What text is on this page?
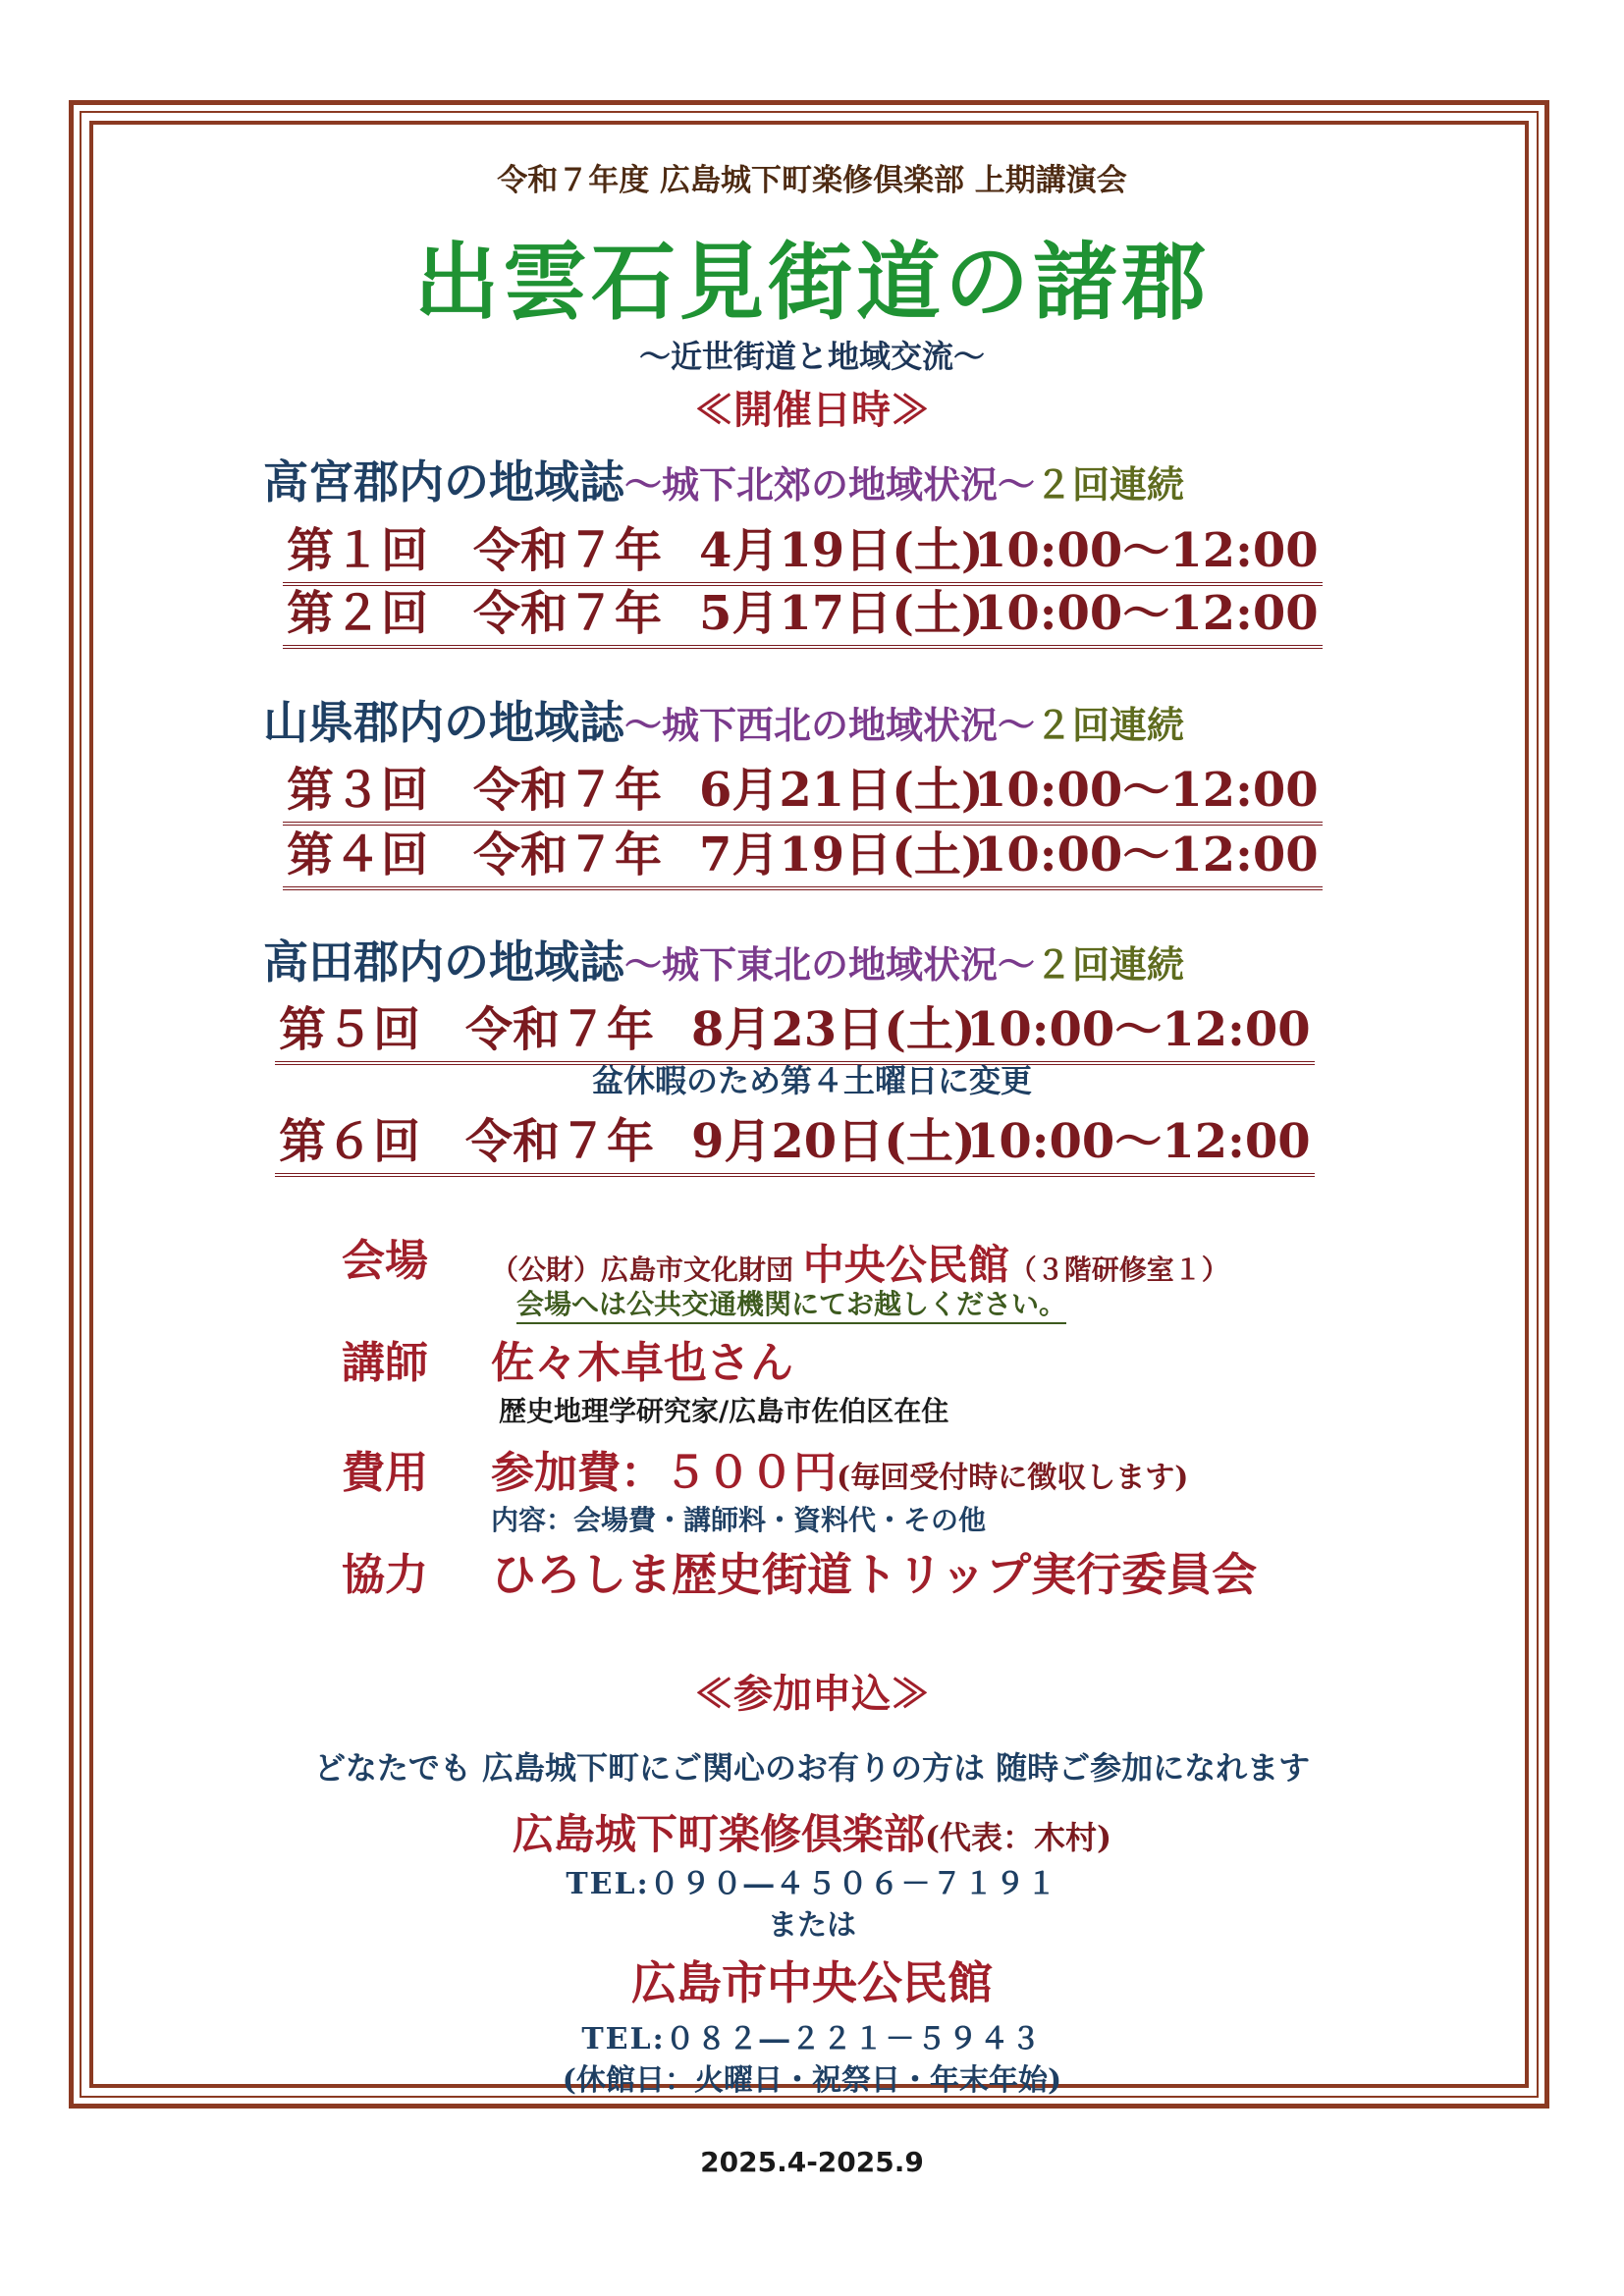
令和７年度 広島城下町楽修倶楽部 上期講演会
出雲石見街道の諸郡
～近世街道と地域交流～
≪開催日時≫
高宮郡内の地域誌～城下北郊の地域状況～２回連続
第１回 令和７年 4月19日(土)10:00～12:00
第２回 令和７年 5月17日(土)10:00～12:00
山県郡内の地域誌～城下西北の地域状況～２回連続
第３回 令和７年 6月21日(土)10:00～12:00
第４回 令和７年 7月19日(土)10:00～12:00
高田郡内の地域誌～城下東北の地域状況～２回連続
第５回 令和７年 8月23日(土)10:00～12:00
盆休暇のため第４土曜日に変更
第６回 令和７年 9月20日(土)10:00～12:00
会場 （公財）広島市文化財団 中央公民館（３階研修室１）
会場へは公共交通機関にてお越しください。
講師 佐々木卓也さん
歴史地理学研究家/広島市佐伯区在住
費用 参加費：５００円(毎回受付時に徴収します)
内容：会場費・講師料・資料代・その他
協力 ひろしま歴史街道トリップ実行委員会
≪参加申込≫
どなたでも 広島城下町にご関心のお有りの方は 随時ご参加になれます
広島城下町楽修倶楽部(代表：木村)
TEL:０９０―４５０６－７１９１
または
広島市中央公民館
TEL:０８２―２２１－５９４３
(休館日：火曜日・祝祭日・年末年始)
2025.4-2025.9
